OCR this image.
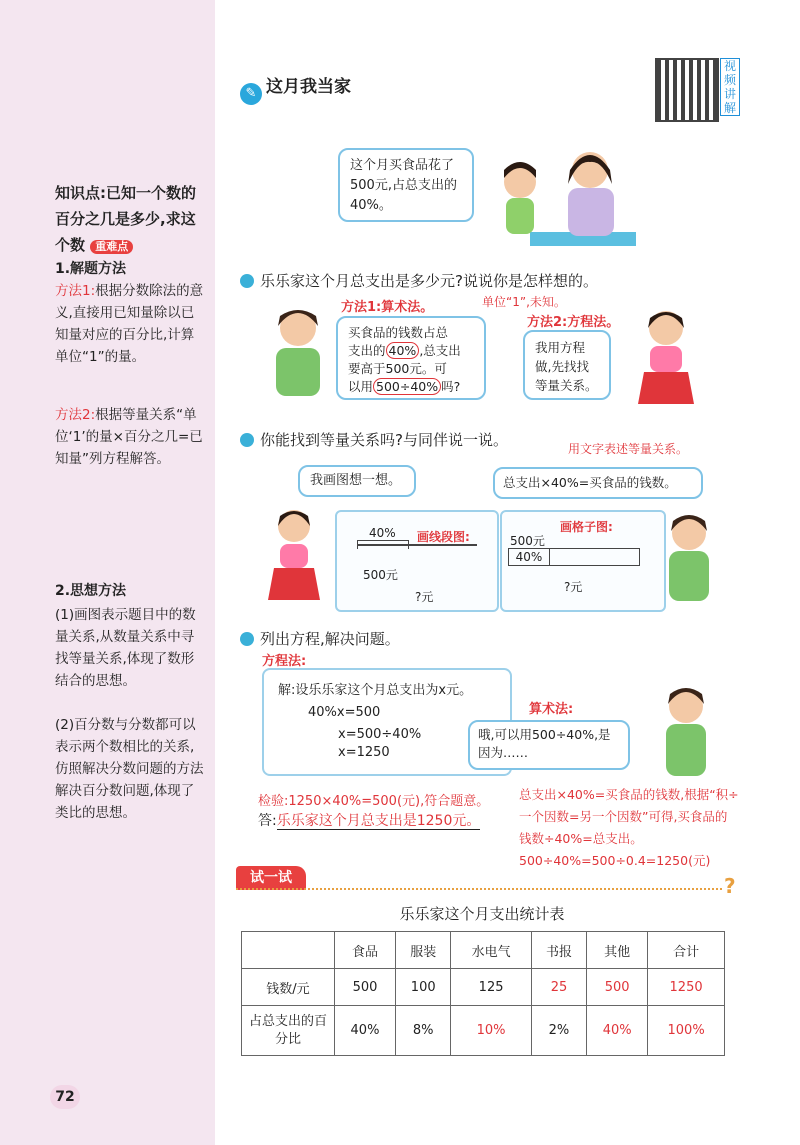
知识点:已知一个数的百分之几是多少,求这个数 重难点
1.解题方法
方法1:根据分数除法的意义,直接用已知量除以已知量对应的百分比,计算单位“1”的量。
方法2:根据等量关系“单位‘1’的量×百分之几=已知量”列方程解答。
2.思想方法
(1)画图表示题目中的数量关系,从数量关系中寻找等量关系,体现了数形结合的思想。
(2)百分数与分数都可以表示两个数相比的关系,仿照解决分数问题的方法解决百分数问题,体现了类比的思想。
✎ 这月我当家
视频讲解
这个月买食品花了500元,占总支出的40%。
乐乐家这个月总支出是多少元?说说你是怎样想的。
方法1:算术法。	单位“1”,未知。
方法2:方程法。
买食品的钱数占总
支出的 40% ,总支出
要高于500元。可
以用 500÷40% 吗?
我用方程做,先找找等量关系。
你能找到等量关系吗?与同伴说一说。	用文字表述等量关系。
我画图想一想。	总支出×40%=买食品的钱数。
画线段图:
40%
500元
?元
画格子图:
500元
40%
?元
列出方程,解决问题。
方程法:
解:设乐乐家这个月总支出为x元。
40%x=500
x=500÷40%
x=1250
算术法:
哦,可以用500÷40%,是因为……
检验:1250×40%=500(元),符合题意。
答:乐乐家这个月总支出是1250元。
总支出×40%=买食品的钱数,根据“积÷一个因数=另一个因数”可得,买食品的钱数÷40%=总支出。
500÷40%=500÷0.4=1250(元)
试一试	?
乐乐家这个月支出统计表
	食品	服装	水电气	书报	其他	合计
钱数/元	500	100	125	25	500	1250
占总支出的百分比	40%	8%	10%	2%	40%	100%
72
